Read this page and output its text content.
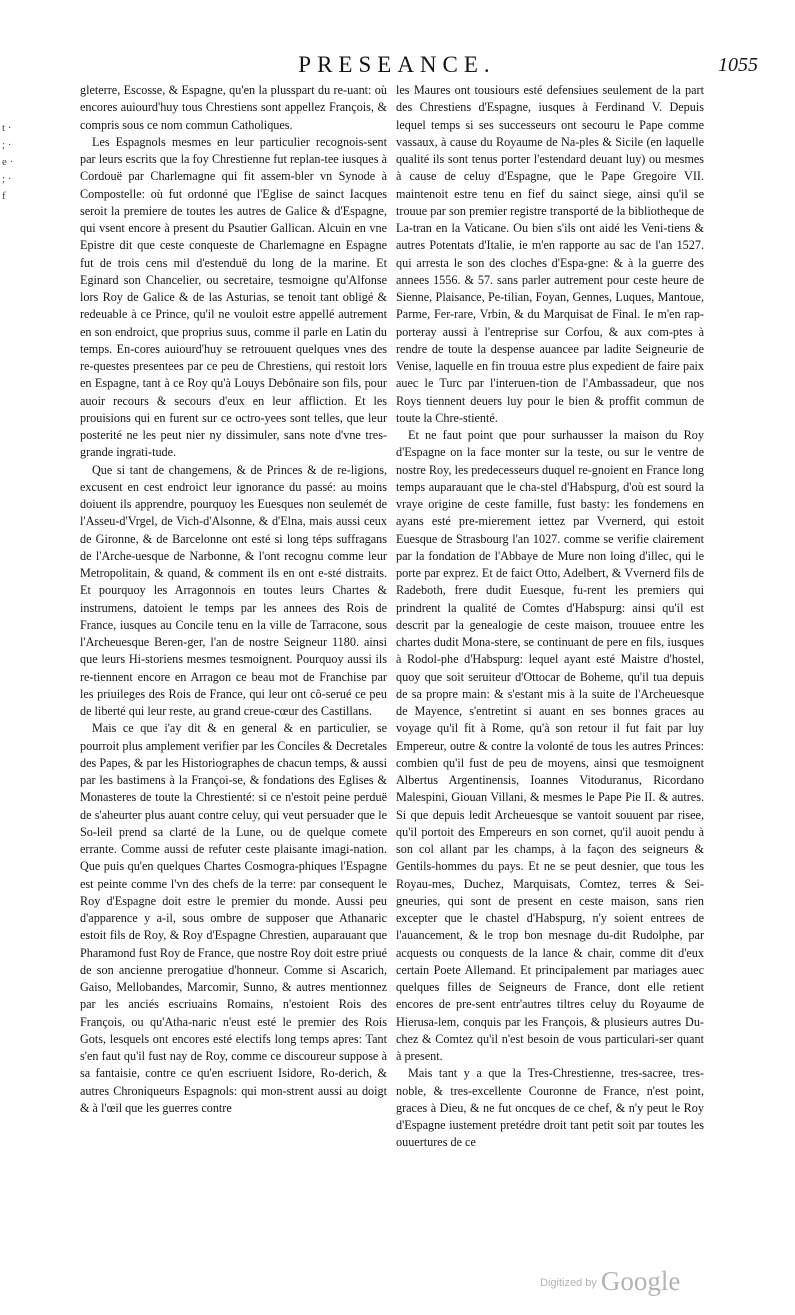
PRESEANCE.	1055
t · ; · e · ; · f

gleterre, Escosse, & Espagne, qu'en la plusspart du re-uant: où encores auiourd'huy tous Chrestiens sont appellez François, & compris sous ce nom commun Catholiques.

Les Espagnols mesmes en leur particulier recognois-sent par leurs escrits que la foy Chrestienne fut replan-tee iusques à Cordouë par Charlemagne qui fit assem-bler vn Synode à Compostelle: où fut ordonné que l'Eglise de sainct Iacques seroit la premiere de toutes les autres de Galice & d'Espagne, qui vsent encore à present du Psautier Gallican. Alcuin en vne Epistre dit que ceste conqueste de Charlemagne en Espagne fut de trois cens mil d'estenduë du long de la marine. Et Eginard son Chancelier, ou secretaire, tesmoigne qu'Alfonse lors Roy de Galice & de las Asturias, se tenoit tant obligé & redeuable à ce Prince, qu'il ne vouloit estre appellé autrement en son endroict, que proprius suus, comme il parle en Latin du temps. En-cores auiourd'huy se retrouuent quelques vnes des re-questes presentees par ce peu de Chrestiens, qui restoit lors en Espagne, tant à ce Roy qu'à Louys Debônaire son fils, pour auoir recours & secours d'eux en leur affliction. Et les prouisions qui en furent sur ce octro-yees sont telles, que leur posterité ne les peut nier ny dissimuler, sans note d'vne tres-grande ingrati-tude.

Que si tant de changemens, & de Princes & de re-ligions, excusent en cest endroict leur ignorance du passé: au moins doiuent ils apprendre, pourquoy les Euesques non seulemét de l'Asseu-d'Vrgel, de Vich-d'Alsonne, & d'Elna, mais aussi ceux de Gironne, & de Barcelonne ont esté si long téps suffragans de l'Arche-uesque de Narbonne, & l'ont recognu comme leur Metropolitain, & quand, & comment ils en ont e-sté distraits. Et pourquoy les Arragonnois en toutes leurs Chartes & instrumens, datoient le temps par les annees des Rois de France, iusques au Concile tenu en la ville de Tarracone, sous l'Archeuesque Beren-ger, l'an de nostre Seigneur 1180. ainsi que leurs Hi-storiens mesmes tesmoignent. Pourquoy aussi ils re-tiennent encore en Arragon ce beau mot de Franchise par les priuileges des Rois de France, qui leur ont cô-serué ce peu de liberté qui leur reste, au grand creue-cœur des Castillans.

Mais ce que i'ay dit & en general & en particulier, se pourroit plus amplement verifier par les Conciles & Decretales des Papes, & par les Historiographes de chacun temps, & aussi par les bastimens à la Françoi-se, & fondations des Eglises & Monasteres de toute la Chrestienté: si ce n'estoit peine perduë de s'aheurter plus auant contre celuy, qui veut persuader que le So-leil prend sa clarté de la Lune, ou de quelque comete errante. Comme aussi de refuter ceste plaisante imagi-nation. Que puis qu'en quelques Chartes Cosmogra-phiques l'Espagne est peinte comme l'vn des chefs de la terre: par consequent le Roy d'Espagne doit estre le premier du monde. Aussi peu d'apparence y a-il, sous ombre de supposer que Athanaric estoit fils de Roy, & Roy d'Espagne Chrestien, auparauant que Pharamond fust Roy de France, que nostre Roy doit estre priué de son ancienne prerogatiue d'honneur. Comme si Ascarich, Gaiso, Mellobandes, Marcomir, Sunno, & autres mentionnez par les anciés escriuains Romains, n'estoient Rois des François, ou qu'Atha-naric n'eust esté le premier des Rois Gots, lesquels ont encores esté electifs long temps apres: Tant s'en faut qu'il fust nay de Roy, comme ce discoureur suppose à sa fantaisie, contre ce qu'en escriuent Isidore, Ro-derich, & autres Chroniqueurs Espagnols: qui mon-strent aussi au doigt & à l'œil que les guerres contre

les Maures ont tousiours esté defensiues seulement de la part des Chrestiens d'Espagne, iusques à Ferdinand V. Depuis lequel temps si ses successeurs ont secouru le Pape comme vassaux, à cause du Royaume de Na-ples & Sicile (en laquelle qualité ils sont tenus porter l'estendard deuant luy) ou mesmes à cause de celuy d'Espagne, que le Pape Gregoire VII. maintenoit estre tenu en fief du sainct siege, ainsi qu'il se trouue par son premier registre transporté de la bibliotheque de La-tran en la Vaticane. Ou bien s'ils ont aidé les Veni-tiens & autres Potentats d'Italie, ie m'en rapporte au sac de l'an 1527. qui arresta le son des cloches d'Espa-gne: & à la guerre des annees 1556. & 57. sans parler autrement pour ceste heure de Sienne, Plaisance, Pe-tilian, Foyan, Gennes, Luques, Mantoue, Parme, Fer-rare, Vrbin, & du Marquisat de Final. Ie m'en rap-porteray aussi à l'entreprise sur Corfou, & aux com-ptes à rendre de toute la despense auancee par ladite Seigneurie de Venise, laquelle en fin trouua estre plus expedient de faire paix auec le Turc par l'interuen-tion de l'Ambassadeur, que nos Roys tiennent deuers luy pour le bien & proffit commun de toute la Chre-stienté.

Et ne faut point que pour surhausser la maison du Roy d'Espagne on la face monter sur la teste, ou sur le ventre de nostre Roy, les predecesseurs duquel re-gnoient en France long temps auparauant que le cha-stel d'Habspurg, d'où est sourd la vraye origine de ceste famille, fust basty: les fondemens en ayans esté pre-mierement iettez par Vvernerd, qui estoit Euesque de Strasbourg l'an 1027. comme se verifie clairement par la fondation de l'Abbaye de Mure non loing d'illec, qui le porte par exprez. Et de faict Otto, Adelbert, & Vvernerd fils de Radeboth, frere dudit Euesque, fu-rent les premiers qui prindrent la qualité de Comtes d'Habspurg: ainsi qu'il est descrit par la genealogie de ceste maison, trouuee entre les chartes dudit Mona-stere, se continuant de pere en fils, iusques à Rodol-phe d'Habspurg: lequel ayant esté Maistre d'hostel, quoy que soit seruiteur d'Ottocar de Boheme, qu'il tua depuis de sa propre main: & s'estant mis à la suite de l'Archeuesque de Mayence, s'entretint si auant en ses bonnes graces au voyage qu'il fit à Rome, qu'à son retour il fut fait par luy Empereur, outre & contre la volonté de tous les autres Princes: combien qu'il fust de peu de moyens, ainsi que tesmoignent Albertus Argentinensis, Ioannes Vitoduranus, Ricordano Malespini, Giouan Villani, & mesmes le Pape Pie II. & autres. Si que depuis ledit Archeuesque se vantoit souuent par risee, qu'il portoit des Empereurs en son cornet, qu'il auoit pendu à son col allant par les champs, à la façon des seigneurs & Gentils-hommes du pays. Et ne se peut desnier, que tous les Royau-mes, Duchez, Marquisats, Comtez, terres & Sei-gneuries, qui sont de present en ceste maison, sans rien excepter que le chastel d'Habspurg, n'y soient entrees de l'auancement, & le trop bon mesnage du-dit Rudolphe, par acquests ou conquests de la lance & chair, comme dit d'eux certain Poete Allemand. Et principalement par mariages auec quelques filles de Seigneurs de France, dont elle retient encores de pre-sent entr'autres tiltres celuy du Royaume de Hierusa-lem, conquis par les François, & plusieurs autres Du-chez & Comtez qu'il n'est besoin de vous particulari-ser quant à present.

Mais tant y a que la Tres-Chrestienne, tres-sacree, tres-noble, & tres-excellente Couronne de France, n'est point, graces à Dieu, & ne fut oncques de ce chef, & n'y peut le Roy d'Espagne iustement pretédre droit tant petit soit par toutes les ouuertures de ce

$^{Digitized by}$ Google
